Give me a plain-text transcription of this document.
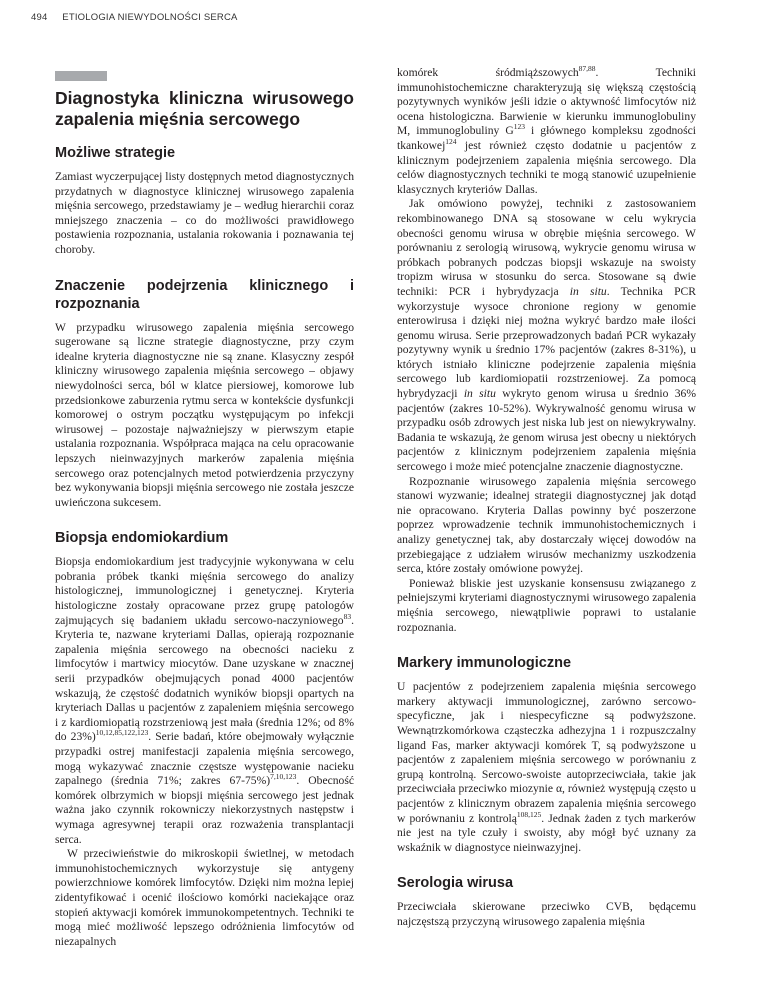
494 ETIOLOGIA NIEWYDOLNOŚCI SERCA
Diagnostyka kliniczna wirusowego zapalenia mięśnia sercowego
Możliwe strategie

Zamiast wyczerpującej listy dostępnych metod diagnostycznych przydatnych w diagnostyce klinicznej wirusowego zapalenia mięśnia sercowego, przedstawiamy je – według hierarchii coraz mniejszego znaczenia – co do możliwości prawidłowego postawienia rozpoznania, ustalania rokowania i poznawania tej choroby.

Znaczenie podejrzenia klinicznego i rozpoznania

W przypadku wirusowego zapalenia mięśnia sercowego sugerowane są liczne strategie diagnostyczne, przy czym idealne kryteria diagnostyczne nie są znane. Klasyczny zespół kliniczny wirusowego zapalenia mięśnia sercowego – objawy niewydolności serca, ból w klatce piersiowej, komorowe lub przedsionkowe zaburzenia rytmu serca w kontekście dysfunkcji komorowej o ostrym początku występującym po infekcji wirusowej – pozostaje najważniejszy w pierwszym etapie ustalania rozpoznania. Współpraca mająca na celu opracowanie lepszych nieinwazyjnych markerów zapalenia mięśnia sercowego oraz potencjalnych metod potwierdzenia przyczyny bez wykonywania biopsji mięśnia sercowego nie została jeszcze uwieńczona sukcesem.

Biopsja endomiokardium

Biopsja endomiokardium jest tradycyjnie wykonywana w celu pobrania próbek tkanki mięśnia sercowego do analizy histologicznej, immunologicznej i genetycznej. Kryteria histologiczne zostały opracowane przez grupę patologów zajmujących się badaniem układu sercowo-naczyniowego$^{83}$. Kryteria te, nazwane kryteriami Dallas, opierają rozpoznanie zapalenia mięśnia sercowego na obecności nacieku z limfocytów i martwicy miocytów. Dane uzyskane w znacznej serii przypadków obejmujących ponad 4000 pacjentów wskazują, że częstość dodatnich wyników biopsji opartych na kryteriach Dallas u pacjentów z zapaleniem mięśnia sercowego i z kardiomiopatią rozstrzeniową jest mała (średnia 12%; od 8% do 23%)$^{10,12,85,122,123}$. Serie badań, które obejmowały wyłącznie przypadki ostrej manifestacji zapalenia mięśnia sercowego, mogą wykazywać znacznie częstsze występowanie nacieku zapalnego (średnia 71%; zakres 67-75%)$^{7,10,123}$. Obecność komórek olbrzymich w biopsji mięśnia sercowego jest jednak ważna jako czynnik rokowniczy niekorzystnych następstw i wymaga agresywnej terapii oraz rozważenia transplantacji serca.

W przeciwieństwie do mikroskopii świetlnej, w metodach immunohistochemicznych wykorzystuje się antygeny powierzchniowe komórek limfocytów. Dzięki nim można lepiej zidentyfikować i ocenić ilościowo komórki naciekające oraz stopień aktywacji komórek immunokompetentnych. Techniki te mogą mieć możliwość lepszego odróżnienia limfocytów od niezapalnych

komórek śródmiąższowych$^{87,88}$. Techniki immunohistochemiczne charakteryzują się większą częstością pozytywnych wyników jeśli idzie o aktywność limfocytów niż ocena histologiczna. Barwienie w kierunku immunoglobuliny M, immunoglobuliny $G^{123}$ i głównego kompleksu zgodności tkankowej$^{124}$ jest również często dodatnie u pacjentów z klinicznym podejrzeniem zapalenia mięśnia sercowego. Dla celów diagnostycznych techniki te mogą stanowić uzupełnienie klasycznych kryteriów Dallas.

Jak omówiono powyżej, techniki z zastosowaniem rekombinowanego DNA są stosowane w celu wykrycia obecności genomu wirusa w obrębie mięśnia sercowego. W porównaniu z serologią wirusową, wykrycie genomu wirusa w próbkach pobranych podczas biopsji wskazuje na swoisty tropizm wirusa w stosunku do serca. Stosowane są dwie techniki: PCR i hybrydyzacja in situ. Technika PCR wykorzystuje wysoce chronione regiony w genomie enterowirusa i dzięki niej można wykryć bardzo małe ilości genomu wirusa. Serie przeprowadzonych badań PCR wykazały pozytywny wynik u średnio 17% pacjentów (zakres 8-31%), u których istniało kliniczne podejrzenie zapalenia mięśnia sercowego lub kardiomiopatii rozstrzeniowej. Za pomocą hybrydyzacji in situ wykryto genom wirusa u średnio 36% pacjentów (zakres 10-52%). Wykrywalność genomu wirusa w przypadku osób zdrowych jest niska lub jest on niewykrywalny. Badania te wskazują, że genom wirusa jest obecny u niektórych pacjentów z klinicznym podejrzeniem zapalenia mięśnia sercowego i może mieć potencjalne znaczenie diagnostyczne.

Rozpoznanie wirusowego zapalenia mięśnia sercowego stanowi wyzwanie; idealnej strategii diagnostycznej jak dotąd nie opracowano. Kryteria Dallas powinny być poszerzone poprzez wprowadzenie technik immunohistochemicznych i analizy genetycznej tak, aby dostarczały więcej dowodów na przebiegające z udziałem wirusów mechanizmy uszkodzenia serca, które zostały omówione powyżej.

Ponieważ bliskie jest uzyskanie konsensusu związanego z pełniejszymi kryteriami diagnostycznymi wirusowego zapalenia mięśnia sercowego, niewątpliwie poprawi to ustalanie rozpoznania.

Markery immunologiczne

U pacjentów z podejrzeniem zapalenia mięśnia sercowego markery aktywacji immunologicznej, zarówno sercowo-specyficzne, jak i niespecyficzne są podwyższone. Wewnątrzkomórkowa cząsteczka adhezyjna 1 i rozpuszczalny ligand Fas, marker aktywacji komórek T, są podwyższone u pacjentów z zapaleniem mięśnia sercowego w porównaniu z grupą kontrolną. Sercowo-swoiste autoprzeciwciała, takie jak przeciwciała przeciwko miozynie α, również występują często u pacjentów z klinicznym obrazem zapalenia mięśnia sercowego w porównaniu z kontrolą$^{108,125}$. Jednak żaden z tych markerów nie jest na tyle czuły i swoisty, aby mógł być uznany za wskaźnik w diagnostyce nieinwazyjnej.

Serologia wirusa

Przeciwciała skierowane przeciwko CVB, będącemu najczęstszą przyczyną wirusowego zapalenia mięśnia
